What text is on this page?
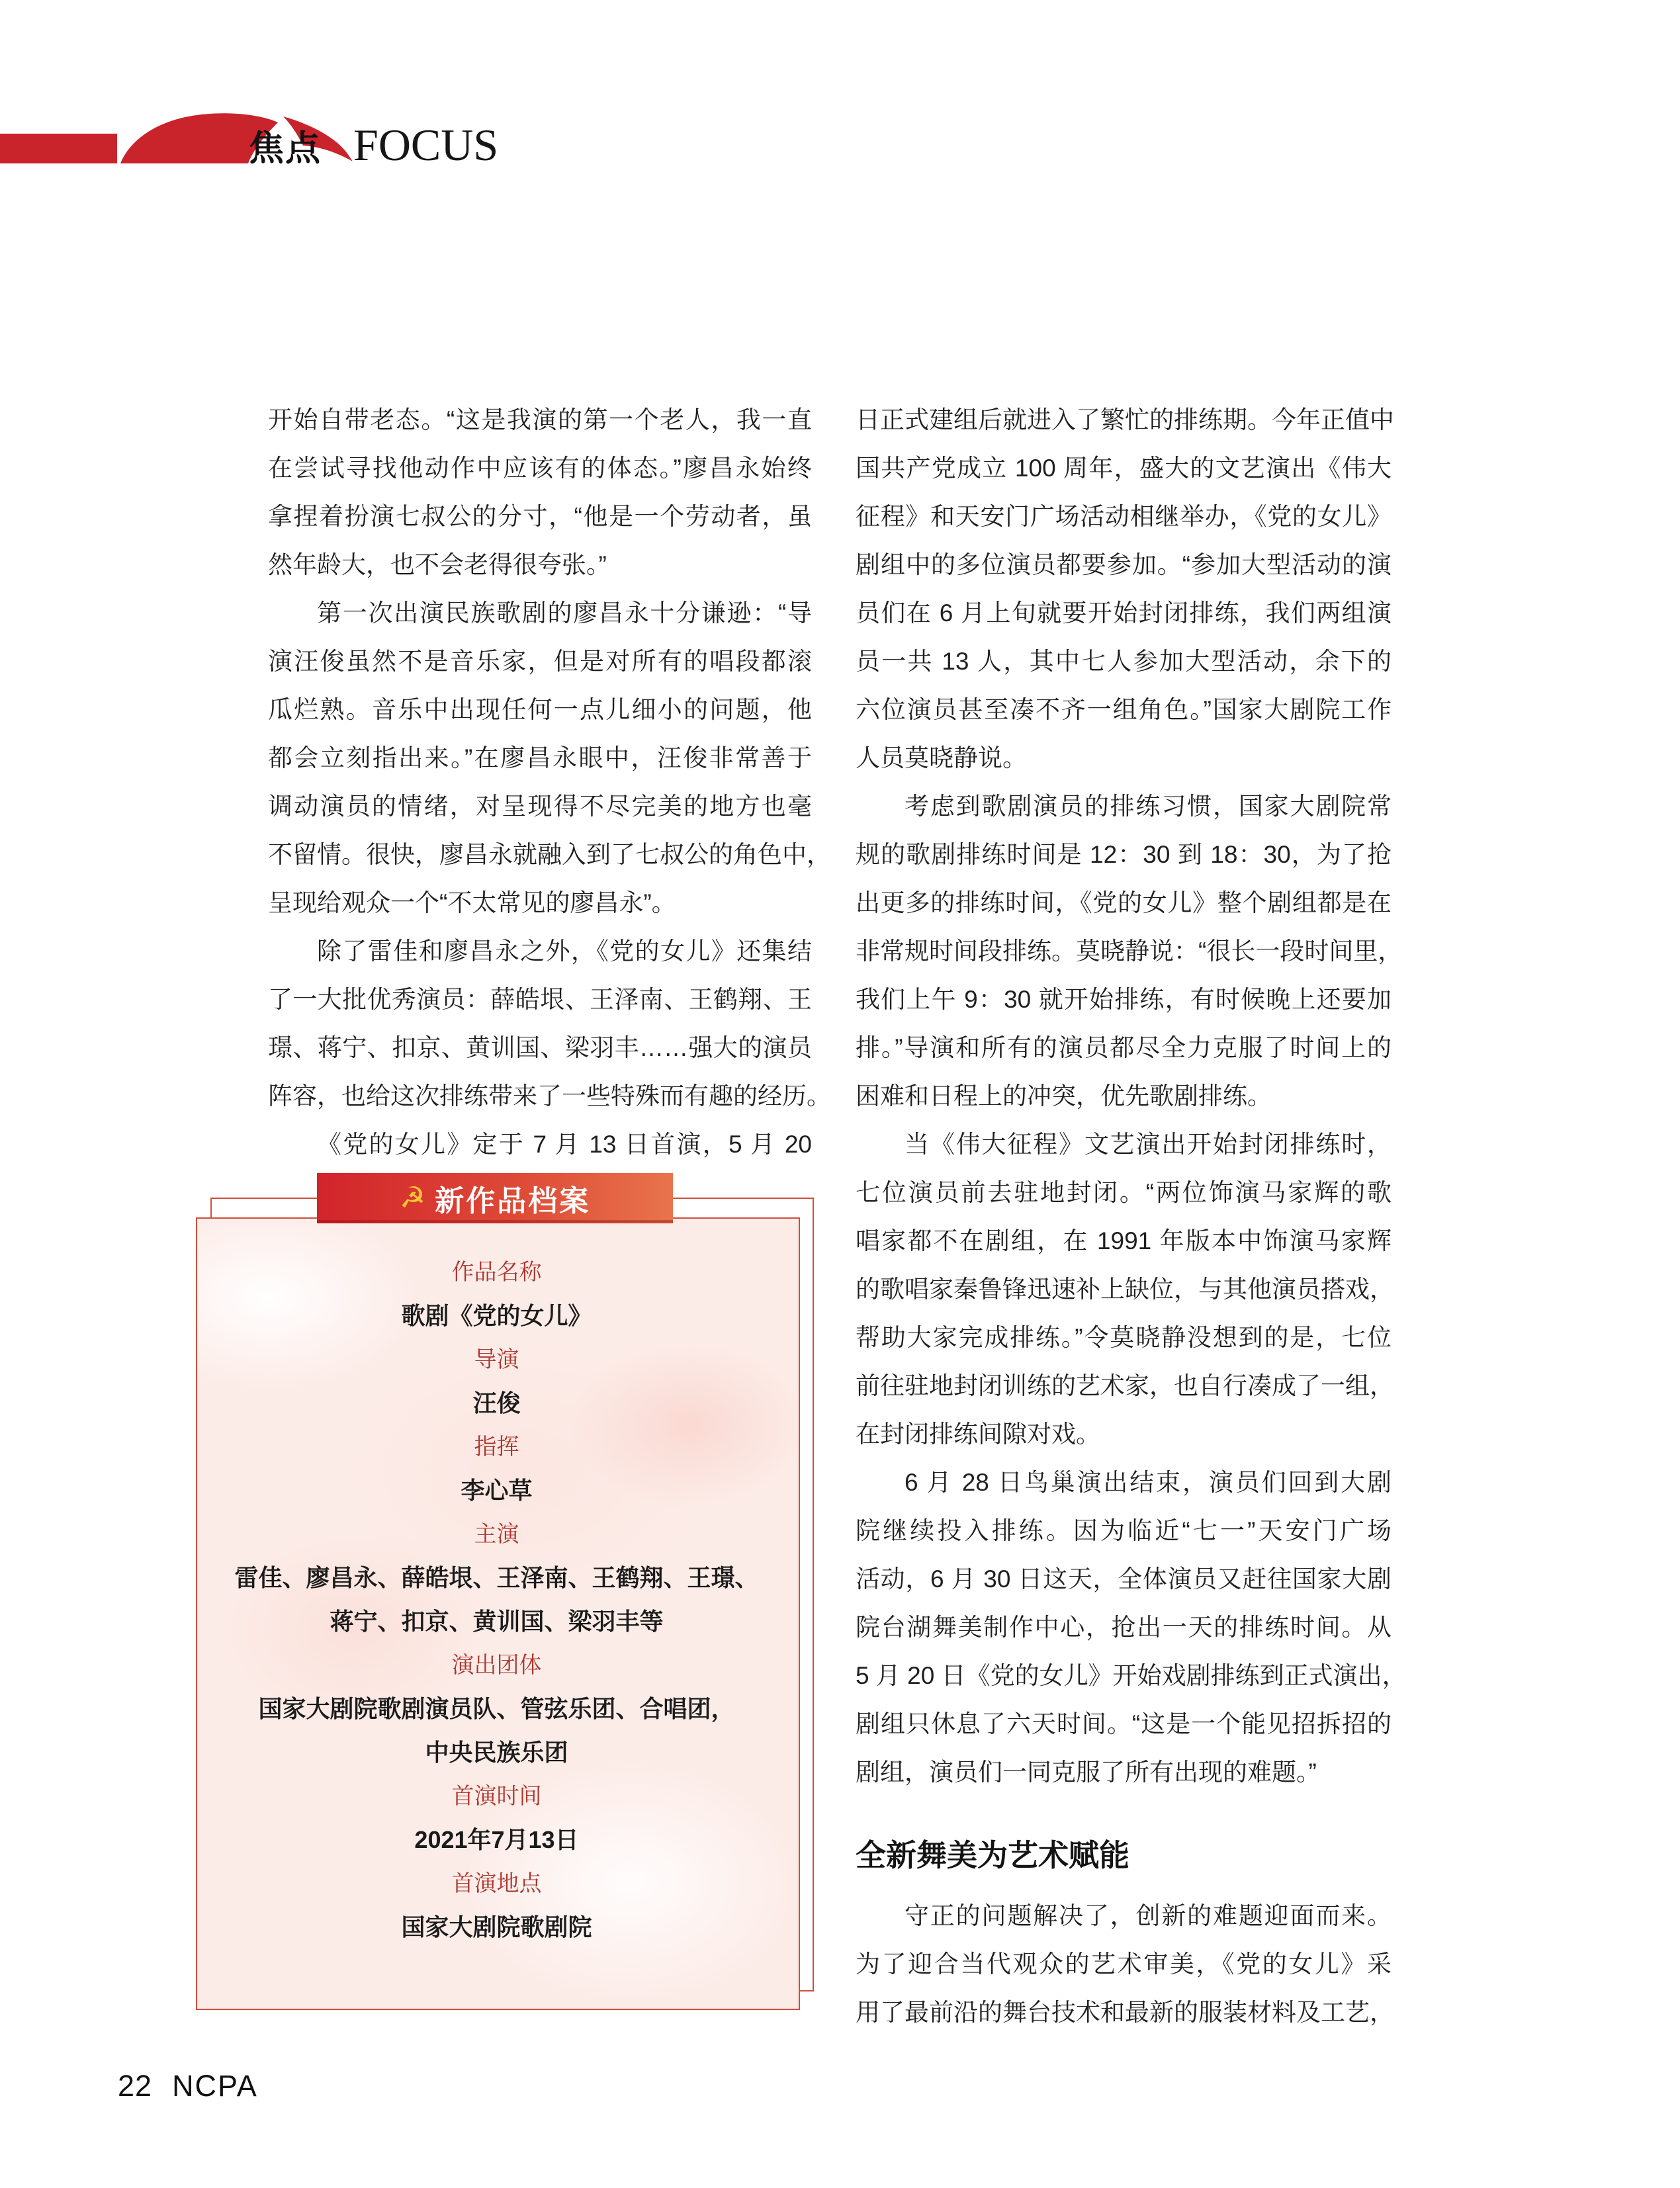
焦点 FOCUS
开始自带老态。“这是我演的第一个老人，我一直
在尝试寻找他动作中应该有的体态。”廖昌永始终
拿捏着扮演七叔公的分寸，“他是一个劳动者，虽
然年龄大，也不会老得很夸张。”
第一次出演民族歌剧的廖昌永十分谦逊：“导
演汪俊虽然不是音乐家，但是对所有的唱段都滚
瓜烂熟。音乐中出现任何一点儿细小的问题，他
都会立刻指出来。”在廖昌永眼中，汪俊非常善于
调动演员的情绪，对呈现得不尽完美的地方也毫
不留情。很快，廖昌永就融入到了七叔公的角色中，
呈现给观众一个“不太常见的廖昌永”。
除了雷佳和廖昌永之外，《党的女儿》还集结
了一大批优秀演员：薛皓垠、王泽南、王鹤翔、王
璟、蒋宁、扣京、黄训国、梁羽丰……强大的演员
阵容，也给这次排练带来了一些特殊而有趣的经历。
《党的女儿》定于 7 月 13 日首演，5 月 20
日正式建组后就进入了繁忙的排练期。今年正值中
国共产党成立 100 周年，盛大的文艺演出《伟大
征程》和天安门广场活动相继举办，《党的女儿》
剧组中的多位演员都要参加。“参加大型活动的演
员们在 6 月上旬就要开始封闭排练，我们两组演
员一共 13 人，其中七人参加大型活动，余下的
六位演员甚至凑不齐一组角色。”国家大剧院工作
人员莫晓静说。
考虑到歌剧演员的排练习惯，国家大剧院常
规的歌剧排练时间是 12：30 到 18：30，为了抢
出更多的排练时间，《党的女儿》整个剧组都是在
非常规时间段排练。莫晓静说：“很长一段时间里，
我们上午 9：30 就开始排练，有时候晚上还要加
排。”导演和所有的演员都尽全力克服了时间上的
困难和日程上的冲突，优先歌剧排练。
当《伟大征程》文艺演出开始封闭排练时，
七位演员前去驻地封闭。“两位饰演马家辉的歌
唱家都不在剧组，在 1991 年版本中饰演马家辉
的歌唱家秦鲁锋迅速补上缺位，与其他演员搭戏，
帮助大家完成排练。”令莫晓静没想到的是，七位
前往驻地封闭训练的艺术家，也自行凑成了一组，
在封闭排练间隙对戏。
6 月 28 日鸟巢演出结束，演员们回到大剧
院继续投入排练。因为临近“七一”天安门广场
活动，6 月 30 日这天，全体演员又赶往国家大剧
院台湖舞美制作中心，抢出一天的排练时间。从
5 月 20 日《党的女儿》开始戏剧排练到正式演出，
剧组只休息了六天时间。“这是一个能见招拆招的
剧组，演员们一同克服了所有出现的难题。”
全新舞美为艺术赋能
守正的问题解决了，创新的难题迎面而来。
为了迎合当代观众的艺术审美，《党的女儿》采
用了最前沿的舞台技术和最新的服装材料及工艺，
☭ 新作品档案
作品名称
歌剧《党的女儿》
导演
汪俊
指挥
李心草
主演
雷佳、廖昌永、薛皓垠、王泽南、王鹤翔、王璟、
蒋宁、扣京、黄训国、梁羽丰等
演出团体
国家大剧院歌剧演员队、管弦乐团、合唱团，
中央民族乐团
首演时间
2021年7月13日
首演地点
国家大剧院歌剧院
22 NCPA
